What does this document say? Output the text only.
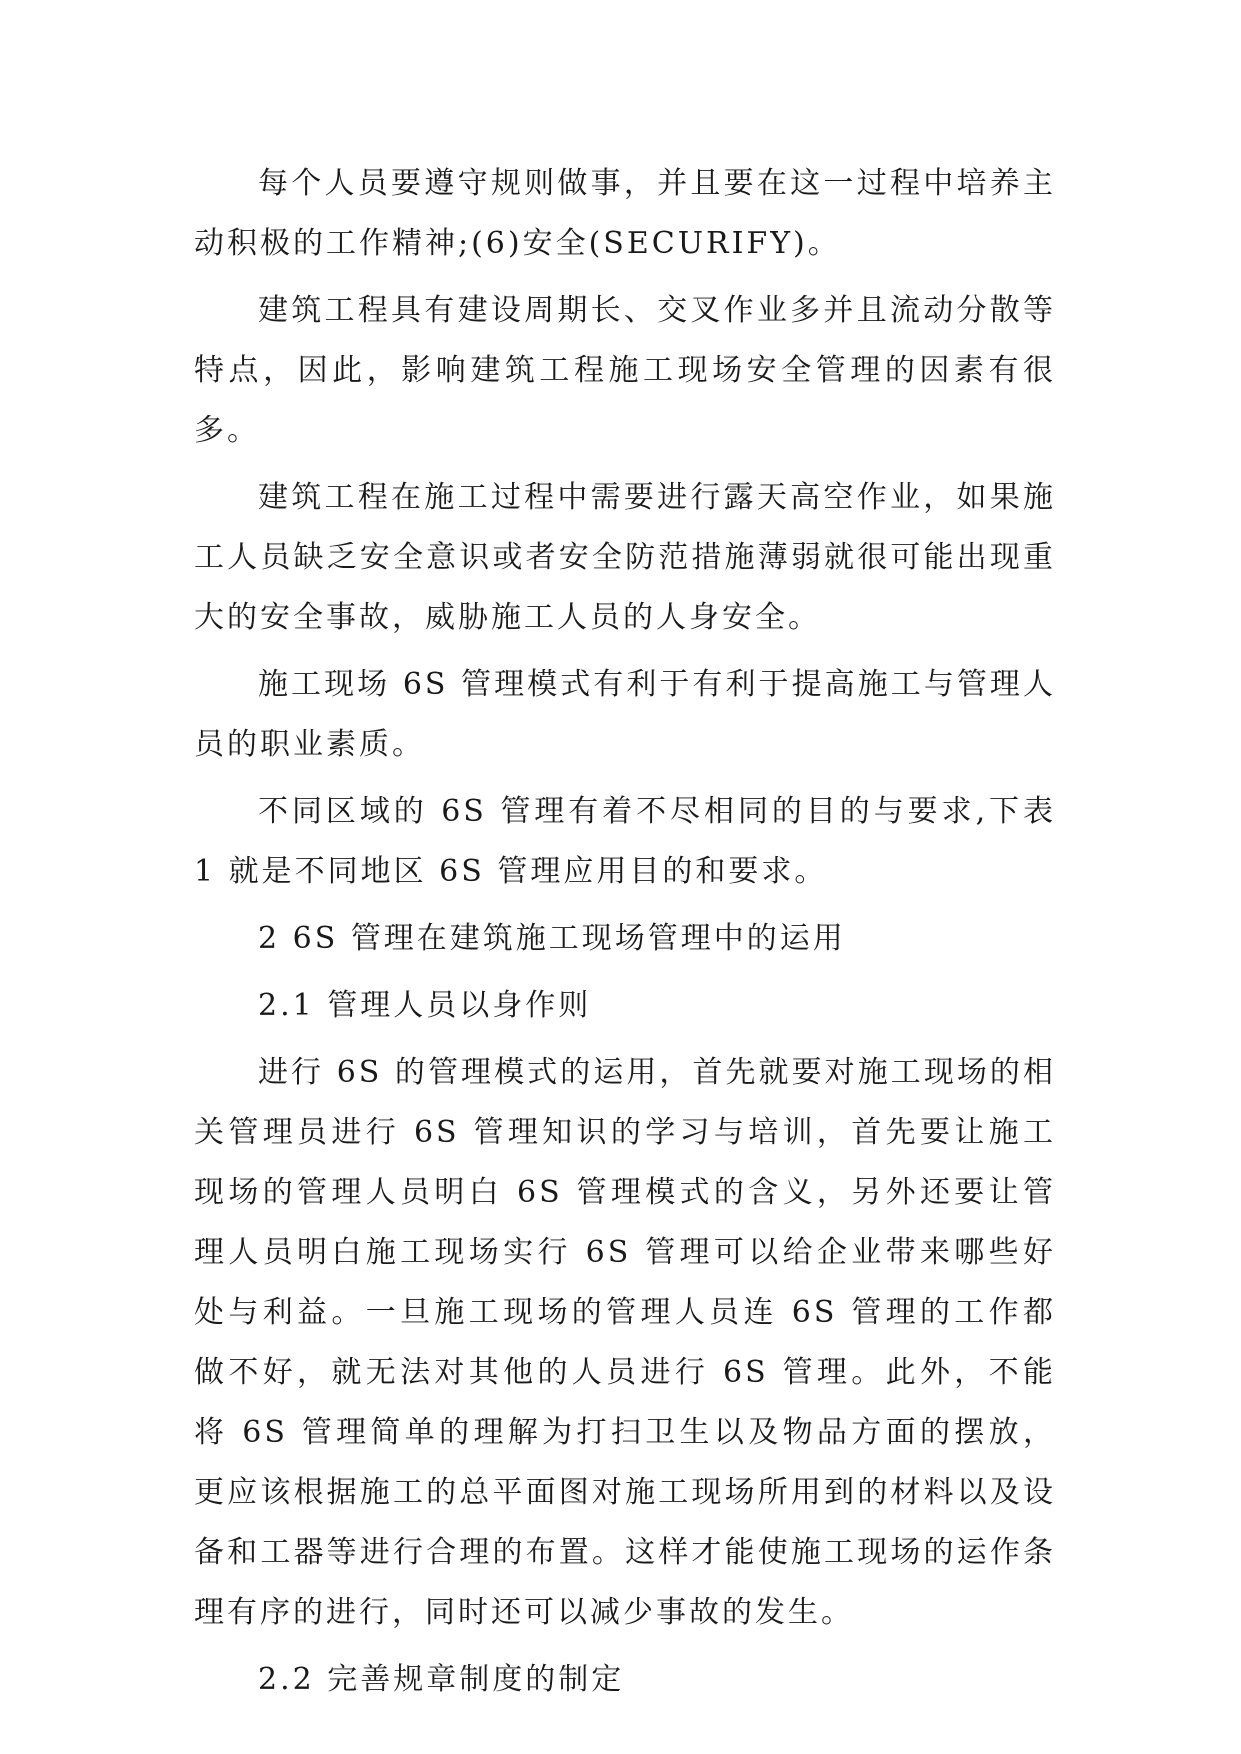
每个人员要遵守规则做事，并且要在这一过程中培养主动积极的工作精神;(6)安全(SECURIFY)。

建筑工程具有建设周期长、交叉作业多并且流动分散等特点，因此，影响建筑工程施工现场安全管理的因素有很多。

建筑工程在施工过程中需要进行露天高空作业，如果施工人员缺乏安全意识或者安全防范措施薄弱就很可能出现重大的安全事故，威胁施工人员的人身安全。

施工现场 6S 管理模式有利于有利于提高施工与管理人员的职业素质。

不同区域的 6S 管理有着不尽相同的目的与要求,下表 1 就是不同地区 6S 管理应用目的和要求。

2 6S 管理在建筑施工现场管理中的运用

2.1 管理人员以身作则

进行 6S 的管理模式的运用，首先就要对施工现场的相关管理员进行 6S 管理知识的学习与培训，首先要让施工现场的管理人员明白 6S 管理模式的含义，另外还要让管理人员明白施工现场实行 6S 管理可以给企业带来哪些好处与利益。一旦施工现场的管理人员连 6S 管理的工作都做不好，就无法对其他的人员进行 6S 管理。此外，不能将 6S 管理简单的理解为打扫卫生以及物品方面的摆放，更应该根据施工的总平面图对施工现场所用到的材料以及设备和工器等进行合理的布置。这样才能使施工现场的运作条理有序的进行，同时还可以减少事故的发生。

2.2 完善规章制度的制定
